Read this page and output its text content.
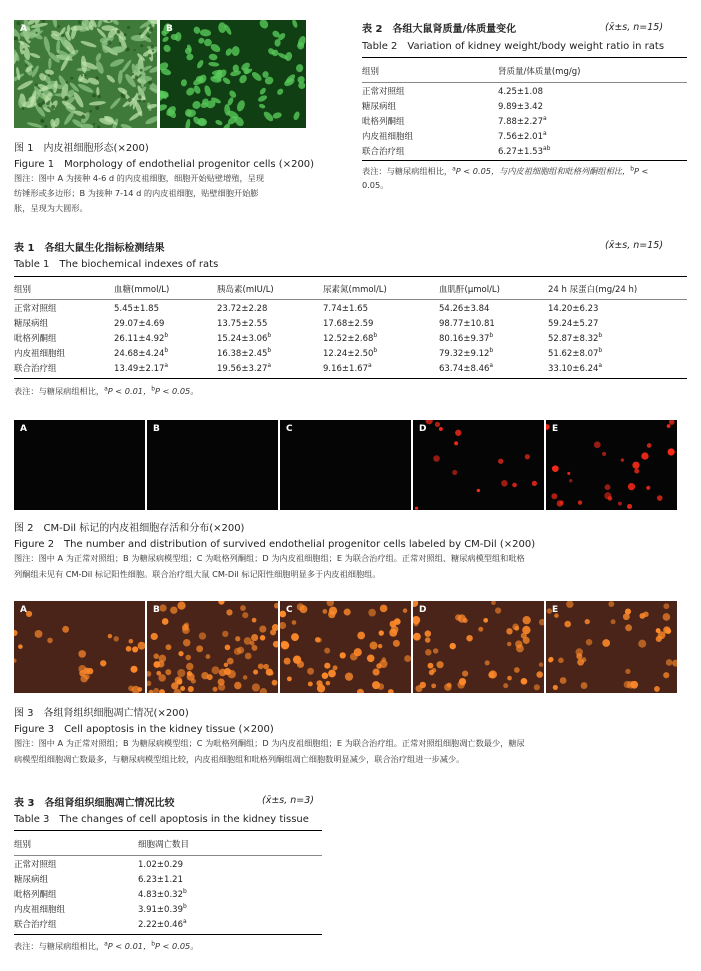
A	B
图 1　内皮祖细胞形态(×200)
Figure 1　Morphology of endothelial progenitor cells (×200)
图注：图中 A 为接种 4-6 d 的内皮祖细胞，细胞开始贴壁增殖，呈现
纺锤形或多边形；B 为接种 7-14 d 的内皮祖细胞，贴壁细胞开始膨
胀，呈现为大圆形。
表 2　各组大鼠肾质量/体质量变化	(x̄±s, n=15)
Table 2　Variation of kidney weight/body weight ratio in rats
组别	肾质量/体质量(mg/g)
正常对照组	4.25±1.08
糖尿病组	9.89±3.42
吡格列酮组	7.88±2.27$^a$
内皮祖细胞组	7.56±2.01$^a$
联合治疗组	6.27±1.53$^{ab}$
表注：与糖尿病组相比，$^a$P < 0.05，与内皮祖细胞组和吡格列酮组相比，$^b$P <
0.05。
表 1　各组大鼠生化指标检测结果	(x̄±s, n=15)
Table 1　The biochemical indexes of rats
组别	血糖(mmol/L)	胰岛素(mIU/L)	尿素氮(mmol/L)	血肌酐(μmol/L)	24 h 尿蛋白(mg/24 h)
正常对照组	5.45±1.85	23.72±2.28	7.74±1.65	54.26±3.84	14.20±6.23
糖尿病组	29.07±4.69	13.75±2.55	17.68±2.59	98.77±10.81	59.24±5.27
吡格列酮组	26.11±4.92$^b$	15.24±3.06$^b$	12.52±2.68$^b$	80.16±9.37$^b$	52.87±8.32$^b$
内皮祖细胞组	24.68±4.24$^b$	16.38±2.45$^b$	12.24±2.50$^b$	79.32±9.12$^b$	51.62±8.07$^b$
联合治疗组	13.49±2.17$^a$	19.56±3.27$^a$	9.16±1.67$^a$	63.74±8.46$^a$	33.10±6.24$^a$
表注：与糖尿病组相比，$^a$P < 0.01，$^b$P < 0.05。
A	B	C	D	E
图 2　CM-Dil 标记的内皮祖细胞存活和分布(×200)
Figure 2　The number and distribution of survived endothelial progenitor cells labeled by CM-Dil (×200)
图注：图中 A 为正常对照组；B 为糖尿病模型组；C 为吡格列酮组；D 为内皮祖细胞组；E 为联合治疗组。正常对照组、糖尿病模型组和吡格
列酮组未见有 CM-Dil 标记阳性细胞。联合治疗组大鼠 CM-Dil 标记阳性细胞明显多于内皮祖细胞组。
A	B	C	D	E
图 3　各组肾组织细胞凋亡情况(×200)
Figure 3　Cell apoptosis in the kidney tissue (×200)
图注：图中 A 为正常对照组；B 为糖尿病模型组；C 为吡格列酮组；D 为内皮祖细胞组；E 为联合治疗组。正常对照组细胞凋亡数最少，糖尿
病模型组细胞凋亡数最多，与糖尿病模型组比较，内皮祖细胞组和吡格列酮组凋亡细胞数明显减少，联合治疗组进一步减少。
表 3　各组肾组织细胞凋亡情况比较	(x̄±s, n=3)
Table 3　The changes of cell apoptosis in the kidney tissue
组别	细胞凋亡数目
正常对照组	1.02±0.29
糖尿病组	6.23±1.21
吡格列酮组	4.83±0.32$^b$
内皮祖细胞组	3.91±0.39$^b$
联合治疗组	2.22±0.46$^a$
表注：与糖尿病组相比，$^a$P < 0.01，$^b$P < 0.05。
